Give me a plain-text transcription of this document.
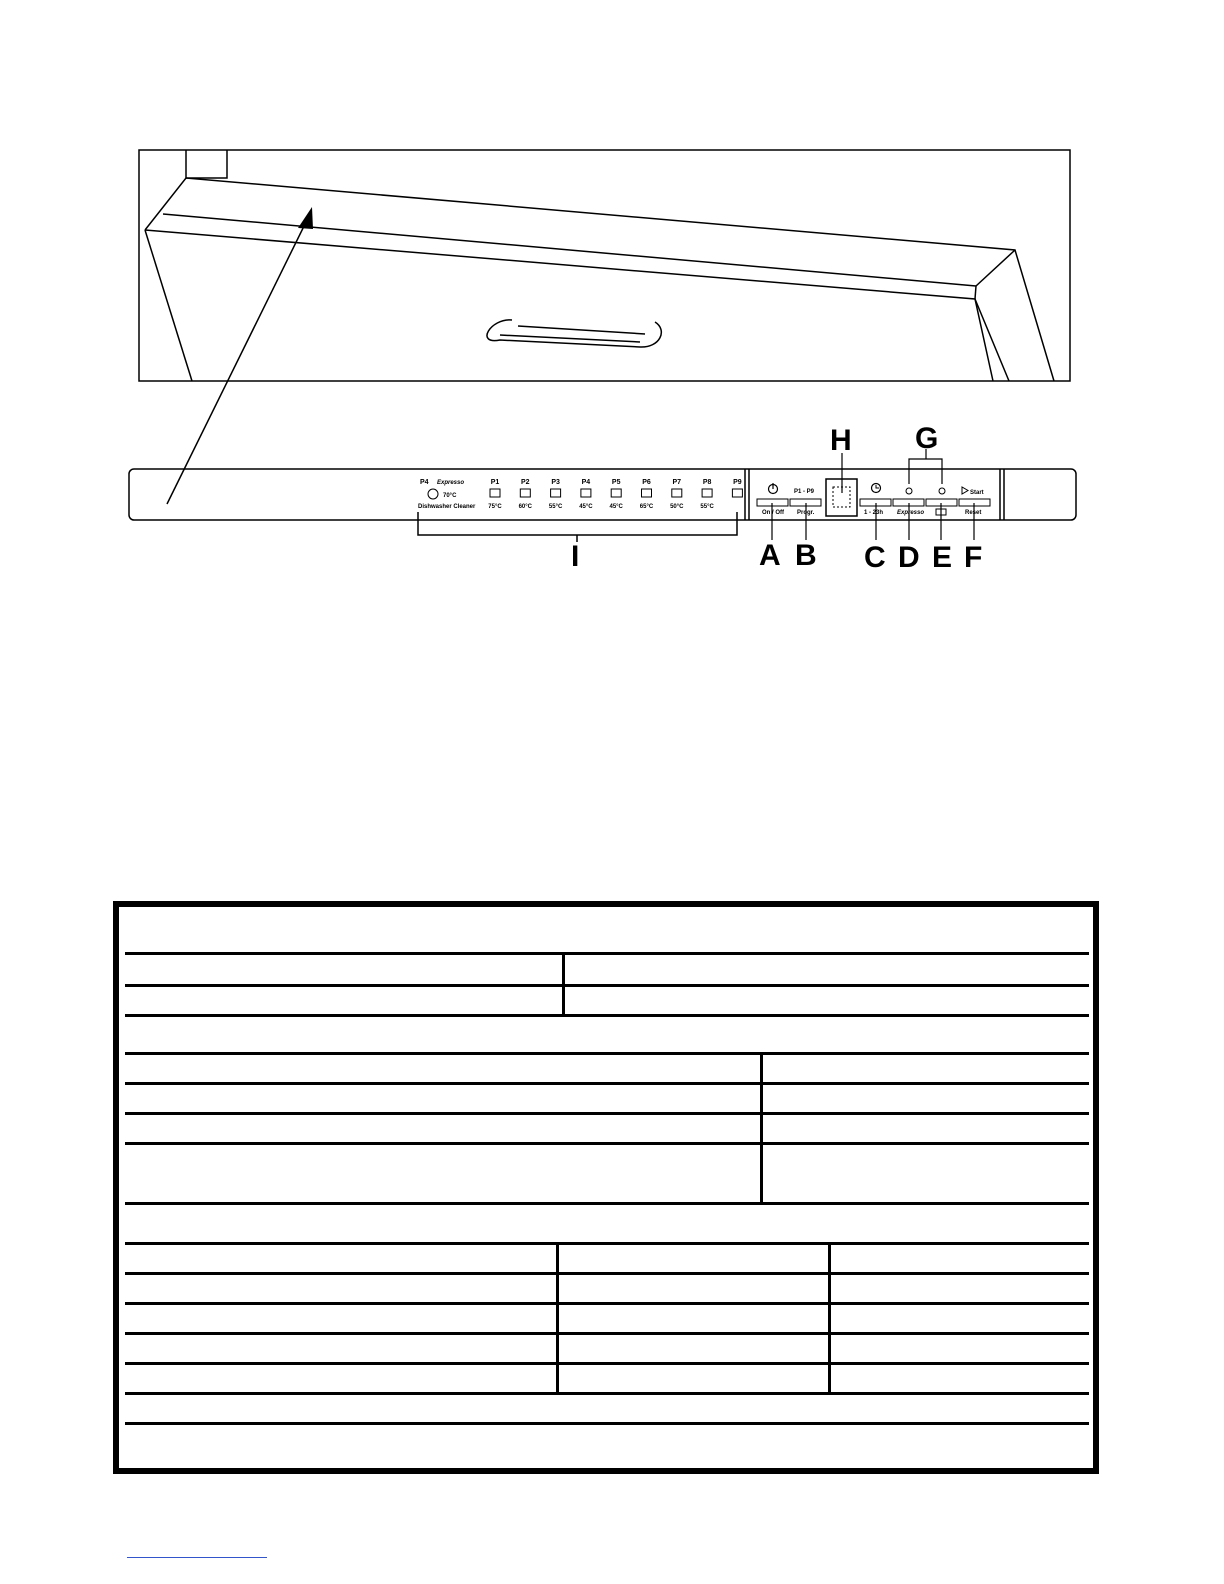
P4 Expresso
70°C
Dishwasher Cleaner
P1
75°C
P2
60°C
P3
55°C
P4
45°C
P5
45°C
P6
65°C
P7
50°C
P8
55°C
P9
P1 - P9
On / Off Progr.
Start
1 - 23h Expresso	Reset
A B C D E F
G
H
I
